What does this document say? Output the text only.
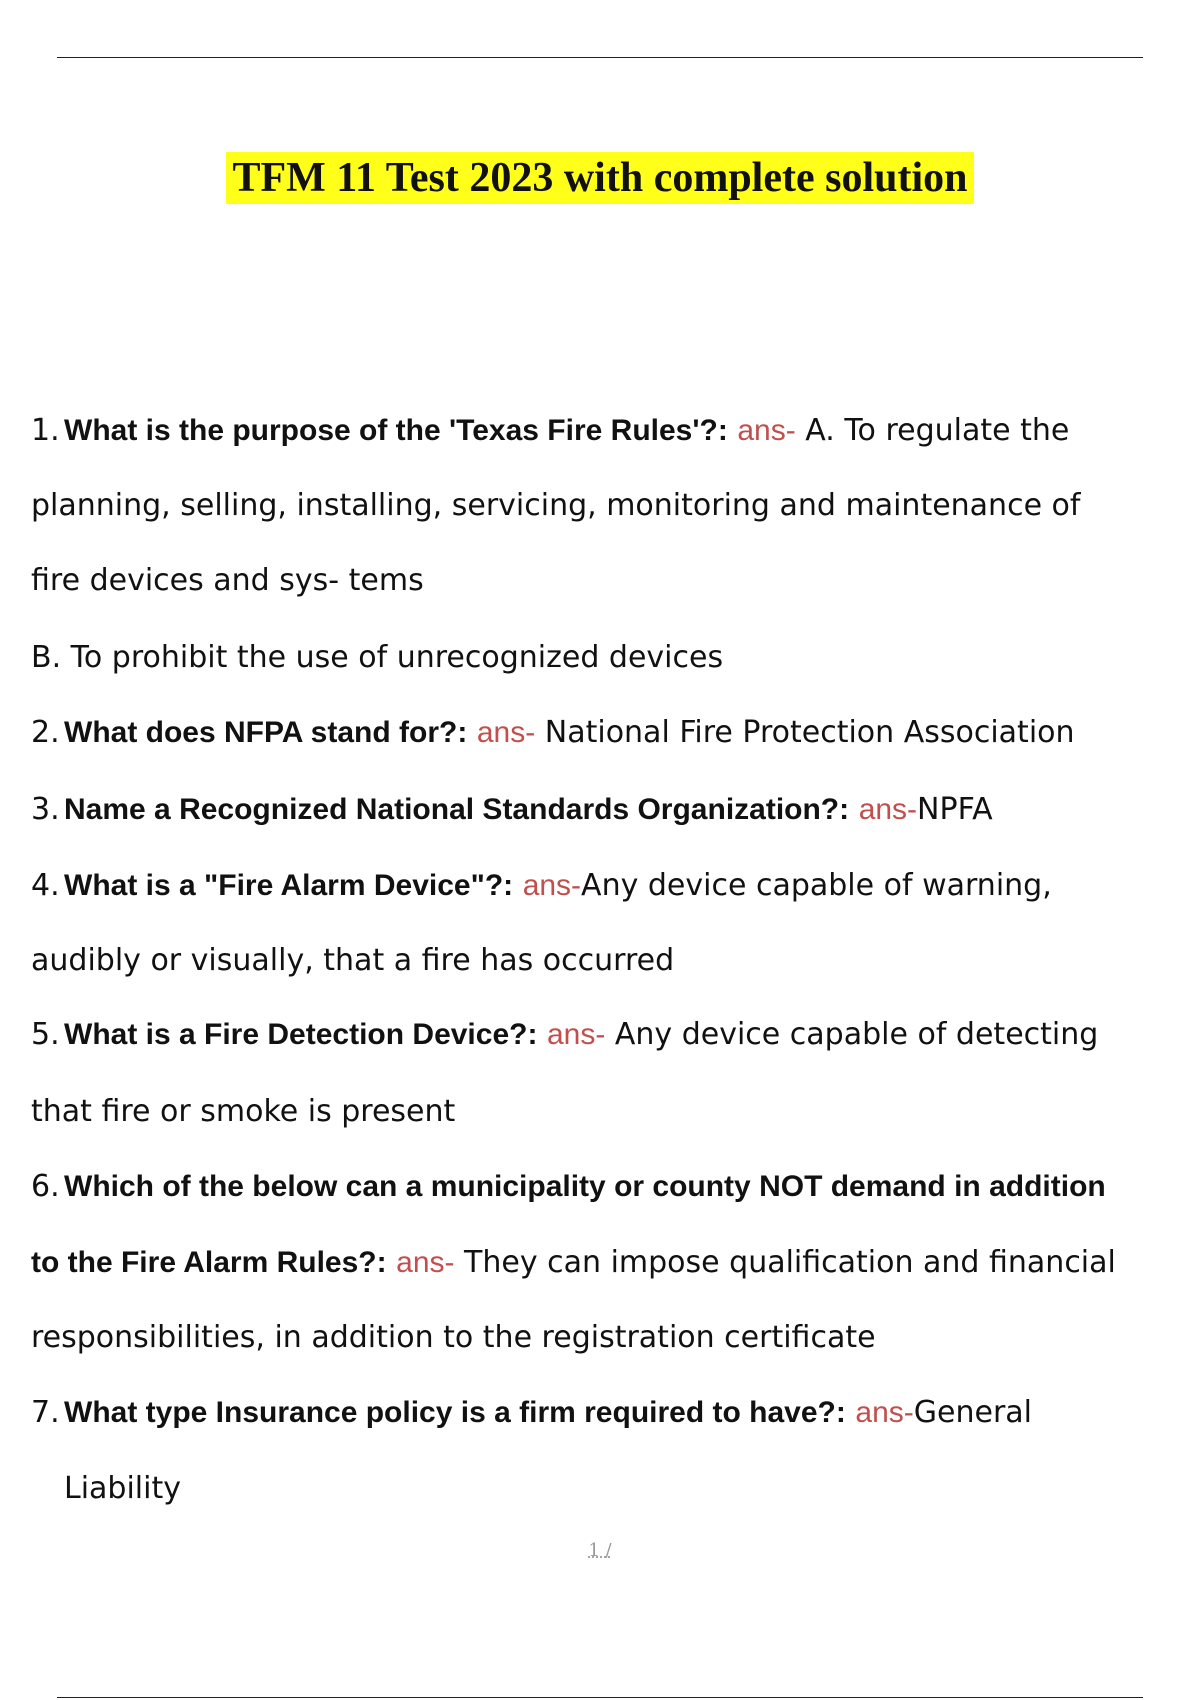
TFM 11 Test 2023 with complete solution
1. What is the purpose of the 'Texas Fire Rules'?: ans- A. To regulate the
planning, selling, installing, servicing, monitoring and maintenance of
fire devices and sys- tems
B. To prohibit the use of unrecognized devices
2. What does NFPA stand for?: ans- National Fire Protection Association
3. Name a Recognized National Standards Organization?: ans-NPFA
4. What is a "Fire Alarm Device"?: ans-Any device capable of warning,
audibly or visually, that a fire has occurred
5. What is a Fire Detection Device?: ans- Any device capable of detecting
that fire or smoke is present
6. Which of the below can a municipality or county NOT demand in addition
to the Fire Alarm Rules?: ans- They can impose qualification and financial
responsibilities, in addition to the registration certificate
7. What type Insurance policy is a firm required to have?: ans-General
Liability
1 /
